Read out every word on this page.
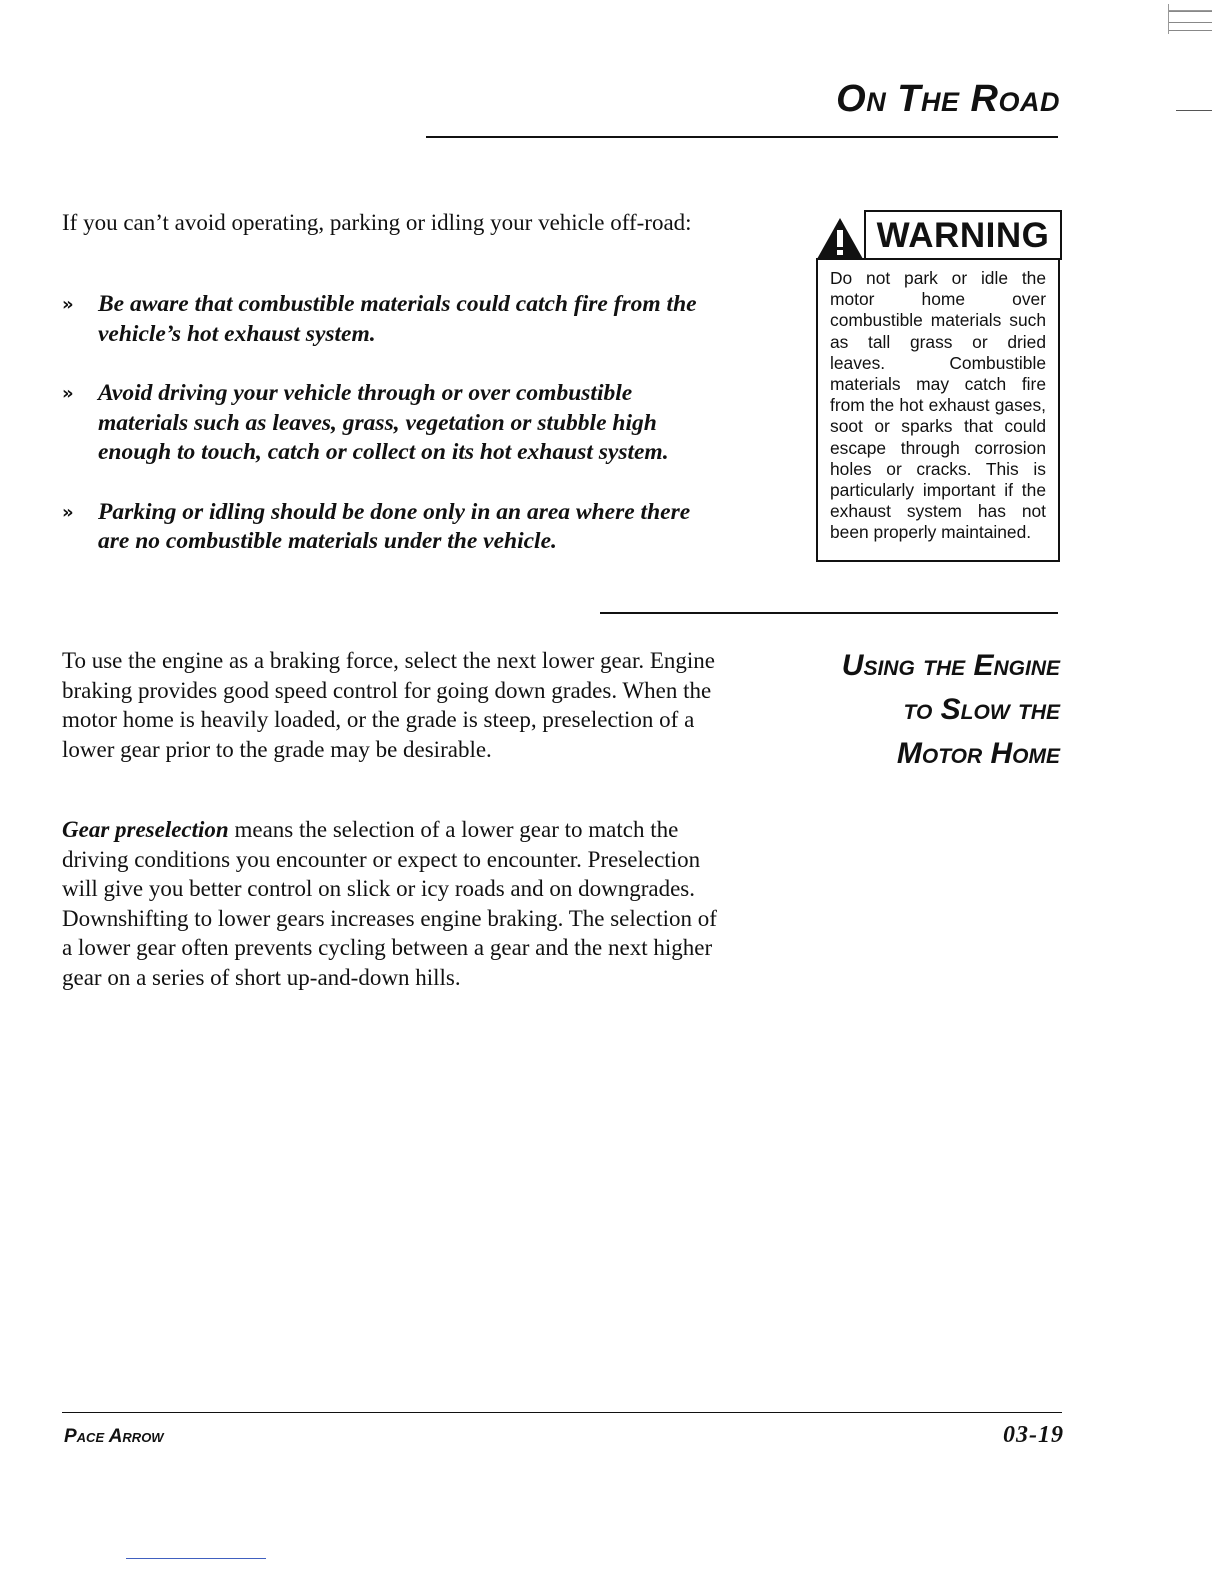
On The Road

If you can’t avoid operating, parking or idling your vehicle off-road:

» Be aware that combustible materials could catch fire from the vehicle’s hot exhaust system.
» Avoid driving your vehicle through or over combustible materials such as leaves, grass, vegetation or stubble high enough to touch, catch or collect on its hot exhaust system.
» Parking or idling should be done only in an area where there are no combustible materials under the vehicle.
WARNING
Do not park or idle the motor home over combustible materials such as tall grass or dried leaves. Combustible materials may catch fire from the hot exhaust gases, soot or sparks that could escape through corrosion holes or cracks. This is particularly important if the exhaust system has not been properly maintained.
Using the Engine
to Slow the
Motor Home

To use the engine as a braking force, select the next lower gear. Engine braking provides good speed control for going down grades. When the motor home is heavily loaded, or the grade is steep, preselection of a lower gear prior to the grade may be desirable.

Gear preselection means the selection of a lower gear to match the driving conditions you encounter or expect to encounter. Preselection will give you better control on slick or icy roads and on downgrades. Downshifting to lower gears increases engine braking. The selection of a lower gear often prevents cycling between a gear and the next higher gear on a series of short up-and-down hills.

Pace Arrow	03-19
